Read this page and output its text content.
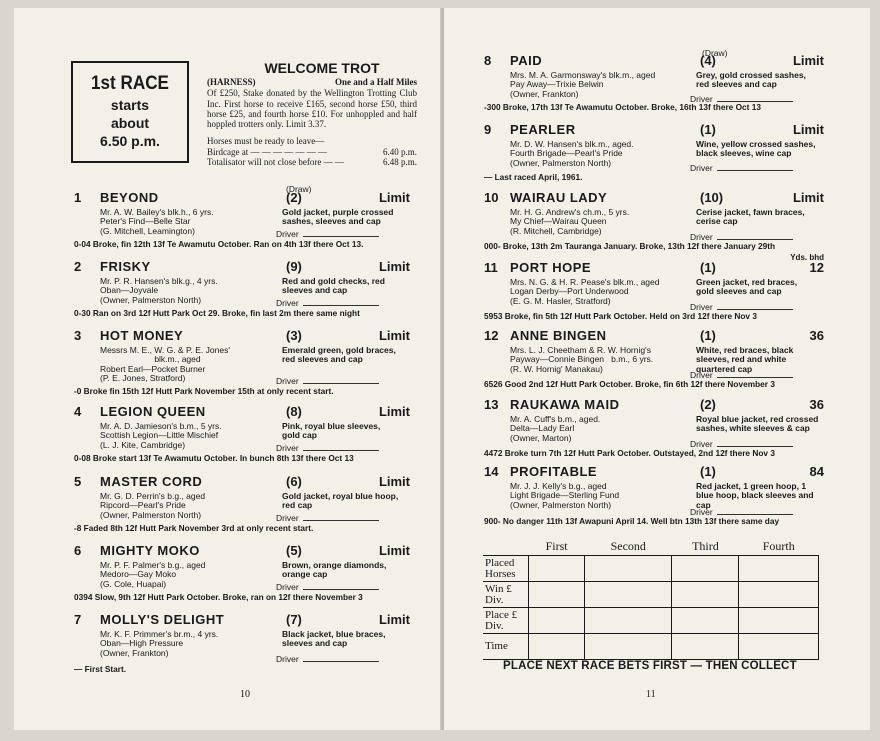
1st RACE
starts
about
6.50 p.m.
WELCOME TROT
(HARNESS)	One and a Half Miles
Of £250, Stake donated by the Wellington Trotting Club Inc. First horse to receive £165, second horse £50, third horse £25, and fourth horse £10. For unhoppled and half hoppled trotters only. Limit 3.37.
Horses must be ready to leave—
Birdcage at — — — — — — —	6.40 p.m.
Totalisator will not close before — —	6.48 p.m.
(Draw)
10
(Draw)
11
1	BEYOND	(2)	Limit
Mr. A. W. Bailey's blk.h., 6 yrs.
Peter's Find—Belle Star
(G. Mitchell, Leamington)
Gold jacket, purple crossed
sashes, sleeves and cap
Driver
0-04 Broke, fin 12th 13f Te Awamutu October. Ran on 4th 13f there Oct 13.
2	FRISKY	(9)	Limit
Mr. P. R. Hansen's blk.g., 4 yrs.
Oban—Joyvale
(Owner, Palmerston North)
Red and gold checks, red
sleeves and cap
Driver
0-30 Ran on 3rd 12f Hutt Park Oct 29. Broke, fin last 2m there same night
3	HOT MONEY	(3)	Limit
Messrs M. E., W. G. & P. E. Jones'
blk.m., aged
Robert Earl—Pocket Burner
(P. E. Jones, Stratford)
Emerald green, gold braces,
red sleeves and cap
Driver
-0 Broke fin 15th 12f Hutt Park November 15th at only recent start.
4	LEGION QUEEN	(8)	Limit
Mr. A. D. Jamieson's b.m., 5 yrs.
Scottish Legion—Little Mischief
(L. J. Kite, Cambridge)
Pink, royal blue sleeves,
gold cap
Driver
0-08 Broke start 13f Te Awamutu October. In bunch 8th 13f there Oct 13
5	MASTER CORD	(6)	Limit
Mr. G. D. Perrin's b.g., aged
Ripcord—Pearl's Pride
(Owner, Palmerston North)
Gold jacket, royal blue hoop,
red cap
Driver
-8 Faded 8th 12f Hutt Park November 3rd at only recent start.
6	MIGHTY MOKO	(5)	Limit
Mr. P. F. Palmer's b.g., aged
Medoro—Gay Moko
(G. Cole, Huapai)
Brown, orange diamonds,
orange cap
Driver
0394 Slow, 9th 12f Hutt Park October. Broke, ran on 12f there November 3
7	MOLLY'S DELIGHT	(7)	Limit
Mr. K. F. Primmer's br.m., 4 yrs.
Oban—High Pressure
(Owner, Frankton)
Black jacket, blue braces,
sleeves and cap
Driver
— First Start.
8	PAID	(4)	Limit
Mrs. M. A. Garmonsway's blk.m., aged
Pay Away—Trixie Belwin
(Owner, Frankton)
Grey, gold crossed sashes,
red sleeves and cap
Driver
-300 Broke, 17th 13f Te Awamutu October. Broke, 16th 13f there Oct 13
9	PEARLER	(1)	Limit
Mr. D. W. Hansen's blk.m., aged.
Fourth Brigade—Pearl's Pride
(Owner, Palmerston North)
Wine, yellow crossed sashes,
black sleeves, wine cap
Driver
— Last raced April, 1961.
10 WAIRAU LADY	(10)	Limit
Mr. H. G. Andrew's ch.m., 5 yrs.
My Chief—Wairau Queen
(R. Mitchell, Cambridge)
Cerise jacket, fawn braces,
cerise cap
Driver
000- Broke, 13th 2m Tauranga January. Broke, 13th 12f there January 29th
Yds. bhd
11 PORT HOPE	(1)	12
Mrs. N. G. & H. R. Pease's blk.m., aged
Logan Derby—Port Underwood
(E. G. M. Hasler, Stratford)
Green jacket, red braces,
gold sleeves and cap
Driver
5953 Broke, fin 5th 12f Hutt Park October. Held on 3rd 12f there Nov 3
12 ANNE BINGEN	(1)	36
Mrs. L. J. Cheetham & R. W. Hornig's
Payway—Connie Bingen   b.m., 6 yrs.
(R. W. Hornig' Manakau)
White, red braces, black
sleeves, red and white
quartered cap
Driver
6526 Good 2nd 12f Hutt Park October. Broke, fin 6th 12f there November 3
13 RAUKAWA MAID	(2)	36
Mr. A. Cuff's b.m., aged.
Delta—Lady Earl
(Owner, Marton)
Royal blue jacket, red crossed
sashes, white sleeves & cap
Driver
4472 Broke turn 7th 12f Hutt Park October. Outstayed, 2nd 12f there Nov 3
14 PROFITABLE	(1)	84
Mr. J. J. Kelly's b.g., aged
Light Brigade—Sterling Fund
(Owner, Palmerston North)
Red jacket, 1 green hoop, 1
blue hoop, black sleeves and
cap
Driver
900- No danger 11th 13f Awapuni April 14. Well btn 13th 13f there same day
	First	Second	Third	Fourth
Placed Horses				
Win £ Div.				
Place £ Div.				
Time				
PLACE NEXT RACE BETS FIRST — THEN COLLECT
